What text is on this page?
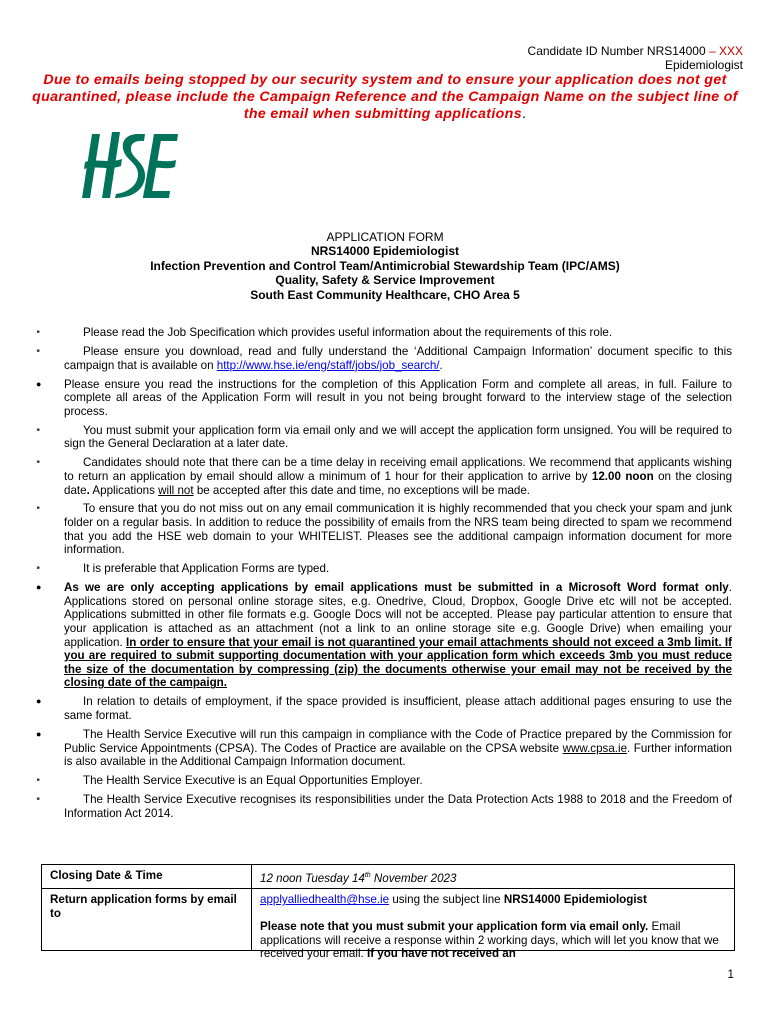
Candidate ID Number NRS14000 – XXX
Epidemiologist
Due to emails being stopped by our security system and to ensure your application does not get quarantined, please include the Campaign Reference and the Campaign Name on the subject line of the email when submitting applications.
APPLICATION FORM
NRS14000 Epidemiologist
Infection Prevention and Control Team/Antimicrobial Stewardship Team (IPC/AMS)
Quality, Safety & Service Improvement
South East Community Healthcare, CHO Area 5
⁍	Please read the Job Specification which provides useful information about the requirements of this role.
⁍	Please ensure you download, read and fully understand the ‘Additional Campaign Information’ document specific to this campaign that is available on http://www.hse.ie/eng/staff/jobs/job_search/.
●	Please ensure you read the instructions for the completion of this Application Form and complete all areas, in full. Failure to complete all areas of the Application Form will result in you not being brought forward to the interview stage of the selection process.
⁍	You must submit your application form via email only and we will accept the application form unsigned. You will be required to sign the General Declaration at a later date.
⁍	Candidates should note that there can be a time delay in receiving email applications. We recommend that applicants wishing to return an application by email should allow a minimum of 1 hour for their application to arrive by 12.00 noon on the closing date. Applications will not be accepted after this date and time, no exceptions will be made.
⁍	To ensure that you do not miss out on any email communication it is highly recommended that you check your spam and junk folder on a regular basis. In addition to reduce the possibility of emails from the NRS team being directed to spam we recommend that you add the HSE web domain to your WHITELIST. Pleases see the additional campaign information document for more information.
⁍	It is preferable that Application Forms are typed.
●	As we are only accepting applications by email applications must be submitted in a Microsoft Word format only. Applications stored on personal online storage sites, e.g. Onedrive, Cloud, Dropbox, Google Drive etc will not be accepted. Applications submitted in other file formats e.g. Google Docs will not be accepted. Please pay particular attention to ensure that your application is attached as an attachment (not a link to an online storage site e.g. Google Drive) when emailing your application. In order to ensure that your email is not quarantined your email attachments should not exceed a 3mb limit. If you are required to submit supporting documentation with your application form which exceeds 3mb you must reduce the size of the documentation by compressing (zip) the documents otherwise your email may not be received by the closing date of the campaign.
●	In relation to details of employment, if the space provided is insufficient, please attach additional pages ensuring to use the same format.
●	The Health Service Executive will run this campaign in compliance with the Code of Practice prepared by the Commission for Public Service Appointments (CPSA). The Codes of Practice are available on the CPSA website www.cpsa.ie. Further information is also available in the Additional Campaign Information document.
⁍	The Health Service Executive is an Equal Opportunities Employer.
⁍	The Health Service Executive recognises its responsibilities under the Data Protection Acts 1988 to 2018 and the Freedom of Information Act 2014.
Closing Date & Time	12 noon Tuesday 14th November 2023
Return application forms by email to	applyalliedhealth@hse.ie using the subject line NRS14000 Epidemiologist
Please note that you must submit your application form via email only. Email applications will receive a response within 2 working days, which will let you know that we received your email. If you have not received an
1
